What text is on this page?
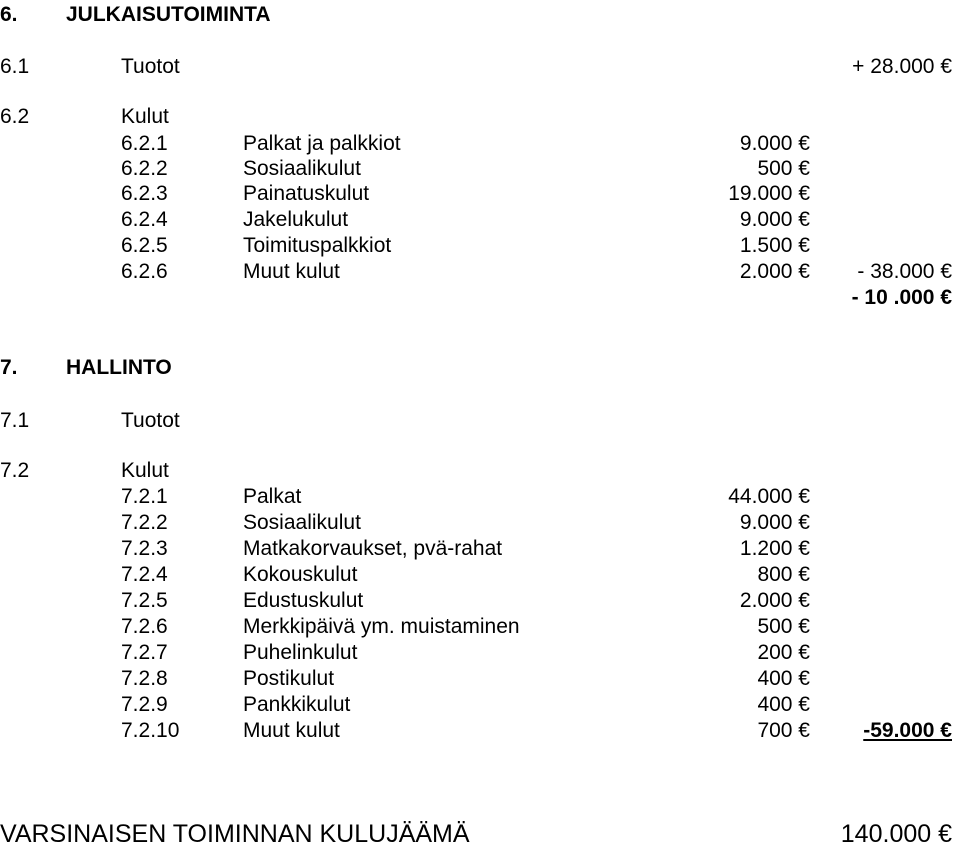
6. JULKAISUTOIMINTA
6.1	Tuotot	+ 28.000 €
6.2	Kulut
6.2.1	Palkat ja palkkiot	9.000 €
6.2.2	Sosiaalikulut	500 €
6.2.3	Painatuskulut	19.000 €
6.2.4	Jakelukulut	9.000 €
6.2.5	Toimituspalkkiot	1.500 €
6.2.6	Muut kulut	2.000 € - 38.000 €
- 10 .000 €
7. HALLINTO
7.1	Tuotot
7.2	Kulut
7.2.1	Palkat	44.000 €
7.2.2	Sosiaalikulut	9.000 €
7.2.3	Matkakorvaukset, pvä-rahat	1.200 €
7.2.4	Kokouskulut	800 €
7.2.5	Edustuskulut	2.000 €
7.2.6	Merkkipäivä ym. muistaminen	500 €
7.2.7	Puhelinkulut	200 €
7.2.8	Postikulut	400 €
7.2.9	Pankkikulut	400 €
7.2.10	Muut kulut	700 €	-59.000 €
VARSINAISEN TOIMINNAN KULUJÄÄMÄ	140.000 €
